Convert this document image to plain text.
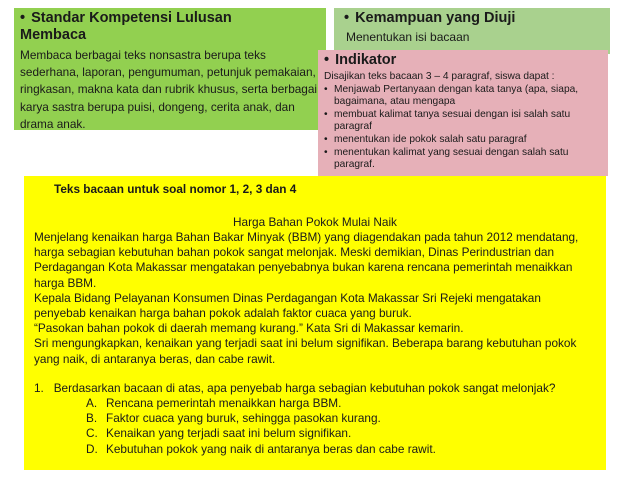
• Standar Kompetensi Lulusan
Membaca
Membaca berbagai teks nonsastra berupa teks sederhana, laporan, pengumuman, petunjuk pemakaian, ringkasan, makna kata dan rubrik khusus, serta berbagai karya sastra berupa puisi, dongeng, cerita anak, dan drama anak.
• Kemampuan yang Diuji
Menentukan isi bacaan
• Indikator
Disajikan teks bacaan 3 – 4 paragraf, siswa dapat :
• Menjawab Pertanyaan dengan kata tanya (apa, siapa, bagaimana, atau mengapa
• membuat kalimat tanya sesuai dengan isi salah satu paragraf
• menentukan ide pokok salah satu paragraf
• menentukan kalimat yang sesuai dengan salah satu paragraf.
Teks bacaan untuk soal nomor 1, 2, 3 dan 4
Harga Bahan Pokok Mulai Naik
Menjelang kenaikan harga Bahan Bakar Minyak (BBM) yang diagendakan pada tahun 2012 mendatang, harga sebagian kebutuhan bahan pokok sangat melonjak. Meski demikian, Dinas Perindustrian dan Perdagangan Kota Makassar mengatakan penyebabnya bukan karena rencana pemerintah menaikkan harga BBM.
Kepala Bidang Pelayanan Konsumen Dinas Perdagangan Kota Makassar Sri Rejeki mengatakan penyebab kenaikan harga bahan pokok adalah faktor cuaca yang buruk.
“Pasokan bahan pokok di daerah memang kurang.” Kata Sri di Makassar kemarin.
Sri mengungkapkan, kenaikan yang terjadi saat ini belum signifikan. Beberapa barang kebutuhan pokok yang naik, di antaranya beras, dan cabe rawit.
1. Berdasarkan bacaan di atas, apa penyebab harga sebagian kebutuhan pokok sangat melonjak?
A. Rencana pemerintah menaikkan harga BBM.
B. Faktor cuaca yang buruk, sehingga pasokan kurang.
C. Kenaikan yang terjadi saat ini belum signifikan.
D. Kebutuhan pokok yang naik di antaranya beras dan cabe rawit.
